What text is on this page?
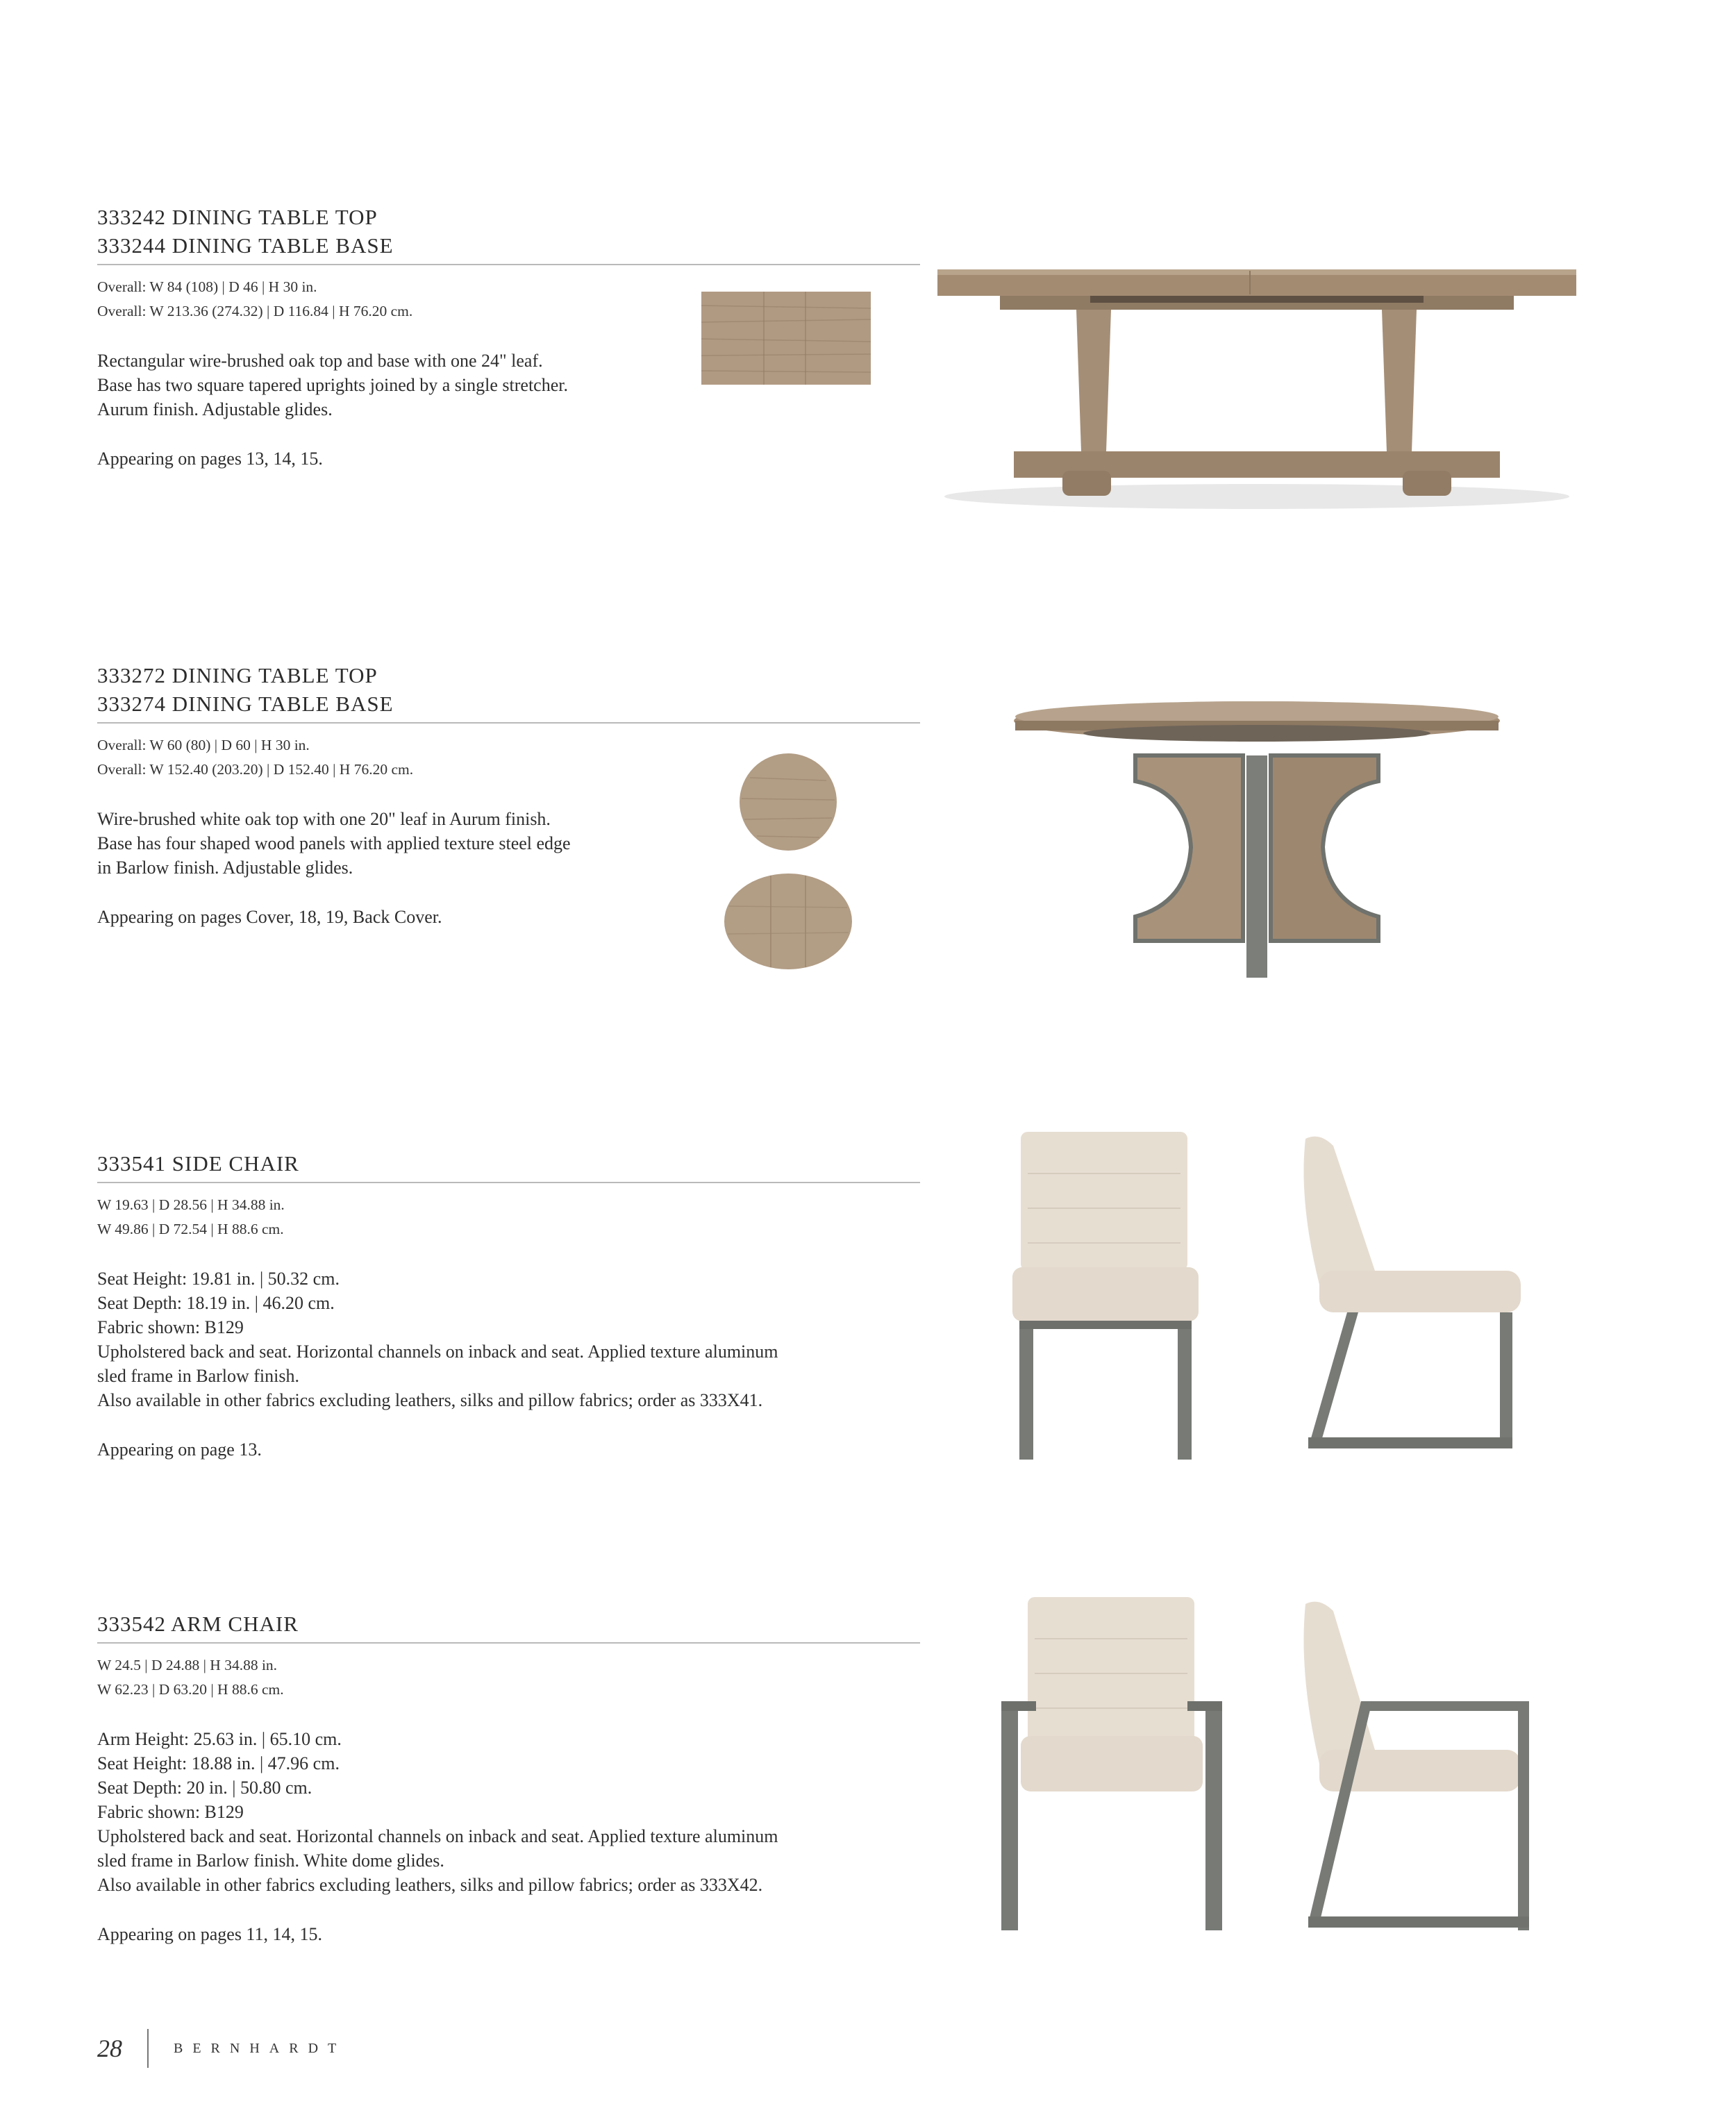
333242 DINING TABLE TOP
333244 DINING TABLE BASE
Overall: W 84 (108) | D 46 | H 30 in.
Overall: W 213.36 (274.32) | D 116.84 | H 76.20 cm.
Rectangular wire-brushed oak top and base with one 24" leaf.
Base has two square tapered uprights joined by a single stretcher.
Aurum finish. Adjustable glides.
Appearing on pages 13, 14, 15.
333272 DINING TABLE TOP
333274 DINING TABLE BASE
Overall: W 60 (80) | D 60 | H 30 in.
Overall: W 152.40 (203.20) | D 152.40 | H 76.20 cm.
Wire-brushed white oak top with one 20" leaf in Aurum finish.
Base has four shaped wood panels with applied texture steel edge
in Barlow finish. Adjustable glides.
Appearing on pages Cover, 18, 19, Back Cover.
333541 SIDE CHAIR
W 19.63 | D 28.56 | H 34.88 in.
W 49.86 | D 72.54 | H 88.6 cm.
Seat Height: 19.81 in. | 50.32 cm.
Seat Depth: 18.19 in. | 46.20 cm.
Fabric shown: B129
Upholstered back and seat. Horizontal channels on inback and seat. Applied texture aluminum
sled frame in Barlow finish.
Also available in other fabrics excluding leathers, silks and pillow fabrics; order as 333X41.
Appearing on page 13.
333542 ARM CHAIR
W 24.5 | D 24.88 | H 34.88 in.
W 62.23 | D 63.20 | H 88.6 cm.
Arm Height: 25.63 in. | 65.10 cm.
Seat Height: 18.88 in. | 47.96 cm.
Seat Depth: 20 in. | 50.80 cm.
Fabric shown: B129
Upholstered back and seat. Horizontal channels on inback and seat. Applied texture aluminum
sled frame in Barlow finish. White dome glides.
Also available in other fabrics excluding leathers, silks and pillow fabrics; order as 333X42.
Appearing on pages 11, 14, 15.
28	BERNHARDT
